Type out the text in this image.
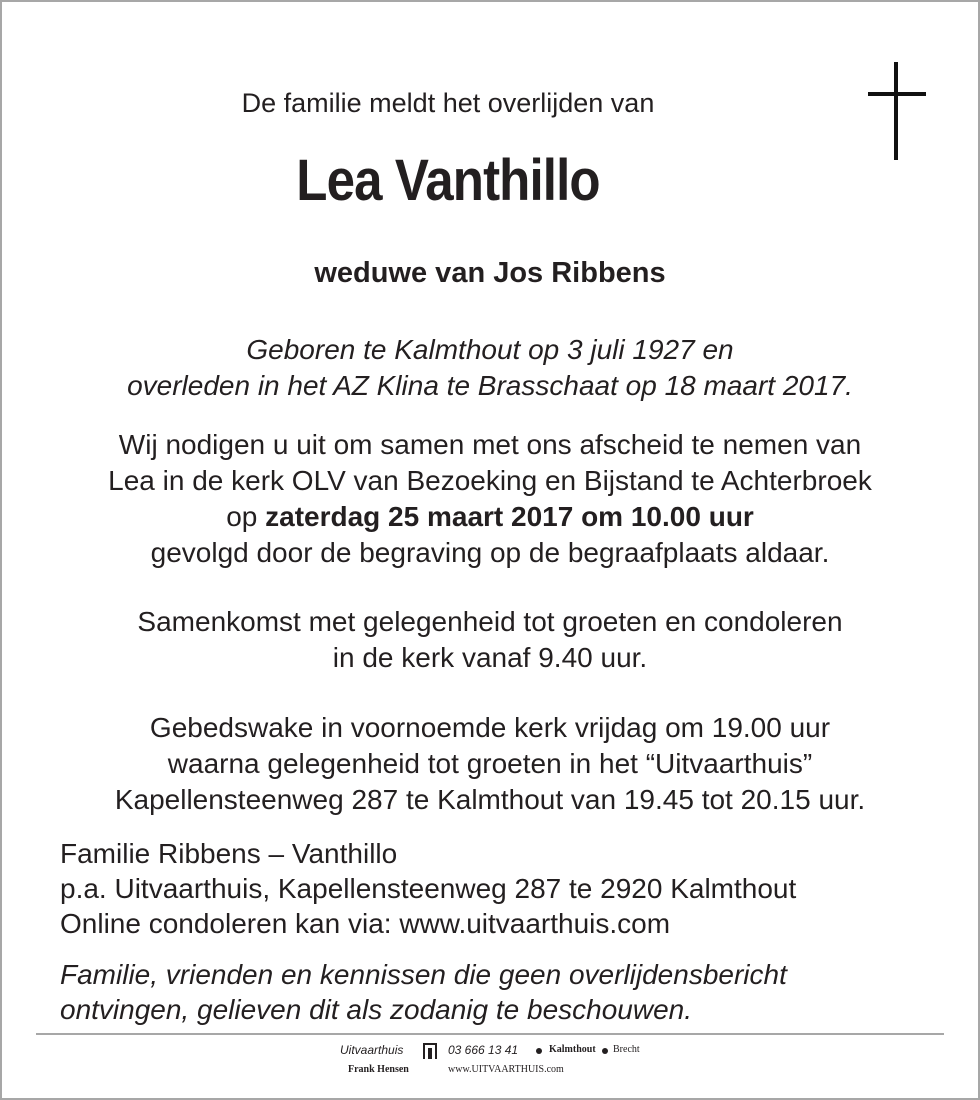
De familie meldt het overlijden van
Lea Vanthillo
weduwe van Jos Ribbens

Geboren te Kalmthout op 3 juli 1927 en

overleden in het AZ Klina te Brasschaat op 18 maart 2017.

Wij nodigen u uit om samen met ons afscheid te nemen van

Lea in de kerk OLV van Bezoeking en Bijstand te Achterbroek

op zaterdag 25 maart 2017 om 10.00 uur

gevolgd door de begraving op de begraafplaats aldaar.

Samenkomst met gelegenheid tot groeten en condoleren

in de kerk vanaf 9.40 uur.

Gebedswake in voornoemde kerk vrijdag om 19.00 uur

waarna gelegenheid tot groeten in het “Uitvaarthuis”

Kapellensteenweg 287 te Kalmthout van 19.45 tot 20.15 uur.

Familie Ribbens – Vanthillo

p.a. Uitvaarthuis, Kapellensteenweg 287 te 2920 Kalmthout

Online condoleren kan via: www.uitvaarthuis.com

Familie, vrienden en kennissen die geen overlijdensbericht

ontvingen, gelieven dit als zodanig te beschouwen.

Uitvaarthuis	03 666 13 41	Kalmthout Brecht
Frank Hensen	www.UITVAARTHUIS.com
